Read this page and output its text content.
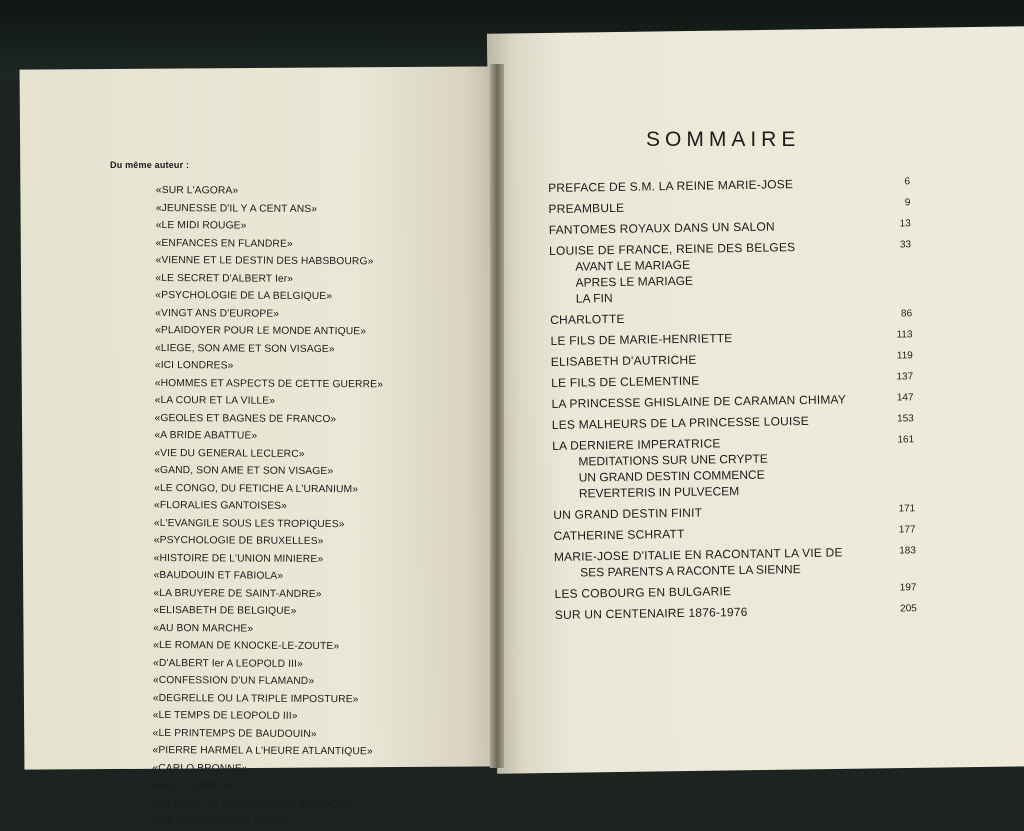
Du même auteur :
«SUR L'AGORA»
«JEUNESSE D'IL Y A CENT ANS»
«LE MIDI ROUGE»
«ENFANCES EN FLANDRE»
«VIENNE ET LE DESTIN DES HABSBOURG»
«LE SECRET D'ALBERT Ier»
«PSYCHOLOGIE DE LA BELGIQUE»
«VINGT ANS D'EUROPE»
«PLAIDOYER POUR LE MONDE ANTIQUE»
«LIEGE, SON AME ET SON VISAGE»
«ICI LONDRES»
«HOMMES ET ASPECTS DE CETTE GUERRE»
«LA COUR ET LA VILLE»
«GEOLES ET BAGNES DE FRANCO»
«A BRIDE ABATTUE»
«VIE DU GENERAL LECLERC»
«GAND, SON AME ET SON VISAGE»
«LE CONGO, DU FETICHE A L'URANIUM»
«FLORALIES GANTOISES»
«L'EVANGILE SOUS LES TROPIQUES»
«PSYCHOLOGIE DE BRUXELLES»
«HISTOIRE DE L'UNION MINIERE»
«BAUDOUIN ET FABIOLA»
«LA BRUYERE DE SAINT-ANDRE»
«ELISABETH DE BELGIQUE»
«AU BON MARCHE»
«LE ROMAN DE KNOCKE-LE-ZOUTE»
«D'ALBERT Ier A LEOPOLD III»
«CONFESSION D'UN FLAMAND»
«DEGRELLE OU LA TRIPLE IMPOSTURE»
«LE TEMPS DE LEOPOLD III»
«LE PRINTEMPS DE BAUDOUIN»
«PIERRE HARMEL A L'HEURE ATLANTIQUE»
«CARLO BRONNE»
«GUILLAUME II»
«LA SOCIETE GENERALE DE BELGIQUE»
«MA FLANDRE QUE VOICI»
SOMMAIRE
PREFACE DE S.M. LA REINE MARIE-JOSE	6
PREAMBULE	9
FANTOMES ROYAUX DANS UN SALON	13
LOUISE DE FRANCE, REINE DES BELGES	33
AVANT LE MARIAGE
APRES LE MARIAGE
LA FIN
CHARLOTTE	86
LE FILS DE MARIE-HENRIETTE	113
ELISABETH D'AUTRICHE	119
LE FILS DE CLEMENTINE	137
LA PRINCESSE GHISLAINE DE CARAMAN CHIMAY	147
LES MALHEURS DE LA PRINCESSE LOUISE	153
LA DERNIERE IMPERATRICE	161
MEDITATIONS SUR UNE CRYPTE
UN GRAND DESTIN COMMENCE
REVERTERIS IN PULVECEM
UN GRAND DESTIN FINIT	171
CATHERINE SCHRATT	177
MARIE-JOSE D'ITALIE EN RACONTANT LA VIE DE	183
SES PARENTS A RACONTE LA SIENNE
LES COBOURG EN BULGARIE	197
SUR UN CENTENAIRE 1876-1976	205
